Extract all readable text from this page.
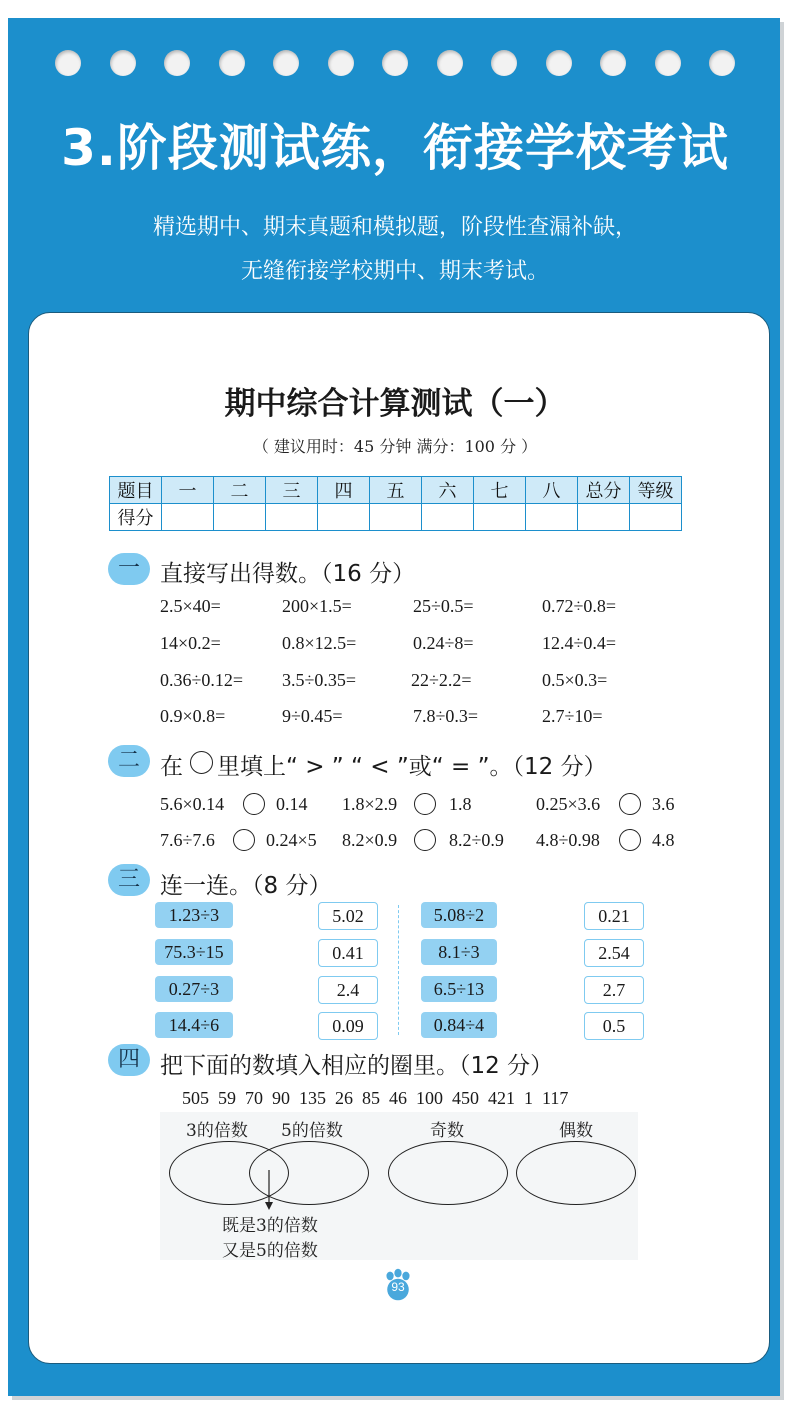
3.阶段测试练，衔接学校考试
精选期中、期末真题和模拟题，阶段性查漏补缺，
无缝衔接学校期中、期末考试。
期中综合计算测试（一）
（ 建议用时：45 分钟 满分：100 分 ）
题目	一	二	三	四	五	六	七	八	总分	等级
得分										
一 直接写出得数。（16 分）
2.5×40=	200×1.5=	25÷0.5=	0.72÷0.8=
14×0.2=	0.8×12.5=	0.24÷8=	12.4÷0.4=
0.36÷0.12= 3.5÷0.35=	22÷2.2=	0.5×0.3=
0.9×0.8=	9÷0.45=	7.8÷0.3=	2.7÷10=
二 在 里填上“ > ” “ < ”或“ = ”。（12 分）
5.6×0.14	0.14 1.8×2.9	1.8	0.25×3.6	3.6
7.6÷7.6	0.24×5 8.2×0.9	8.2÷0.9 4.8÷0.98	4.8
三 连一连。（8 分）
1.23÷3
75.3÷15
0.27÷3
14.4÷6
5.02
0.41
2.4
0.09
5.08÷2
8.1÷3
6.5÷13
0.84÷4
0.21
2.54
2.7
0.5
四 把下面的数填入相应的圈里。（12 分）
505  59  70  90  135  26  85  46  100  450  421  1  117
3的倍数 5的倍数	奇数	偶数
既是3的倍数
又是5的倍数
93
